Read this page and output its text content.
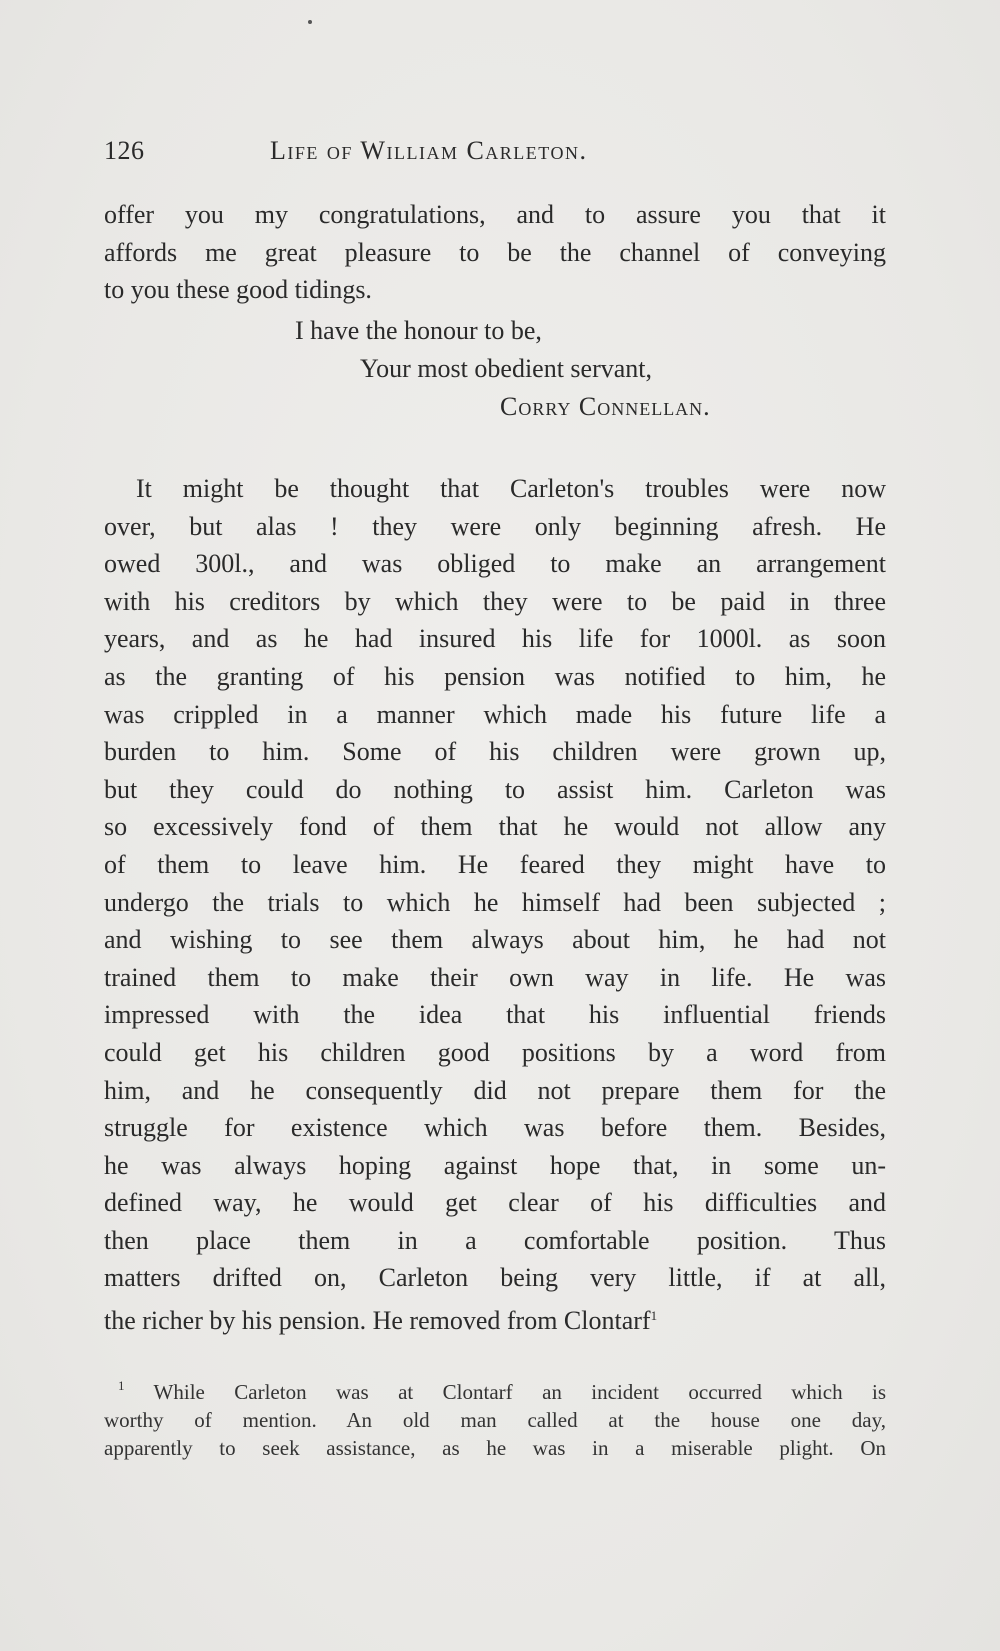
126	Life of William Carleton.
offer you my congratulations, and to assure you that it
affords me great pleasure to be the channel of conveying
to you these good tidings.
I have the honour to be,
Your most obedient servant,
Corry Connellan.
It might be thought that Carleton's troubles were now
over, but alas ! they were only beginning afresh. He
owed 300l., and was obliged to make an arrangement
with his creditors by which they were to be paid in three
years, and as he had insured his life for 1000l. as soon
as the granting of his pension was notified to him, he
was crippled in a manner which made his future life a
burden to him. Some of his children were grown up,
but they could do nothing to assist him. Carleton was
so excessively fond of them that he would not allow any
of them to leave him. He feared they might have to
undergo the trials to which he himself had been subjected ;
and wishing to see them always about him, he had not
trained them to make their own way in life. He was
impressed with the idea that his influential friends
could get his children good positions by a word from
him, and he consequently did not prepare them for the
struggle for existence which was before them. Besides,
he was always hoping against hope that, in some un-
defined way, he would get clear of his difficulties and
then place them in a comfortable position. Thus
matters drifted on, Carleton being very little, if at all,
the richer by his pension. He removed from Clontarf$^1$
$^1$ While Carleton was at Clontarf an incident occurred which is
worthy of mention. An old man called at the house one day,
apparently to seek assistance, as he was in a miserable plight. On
